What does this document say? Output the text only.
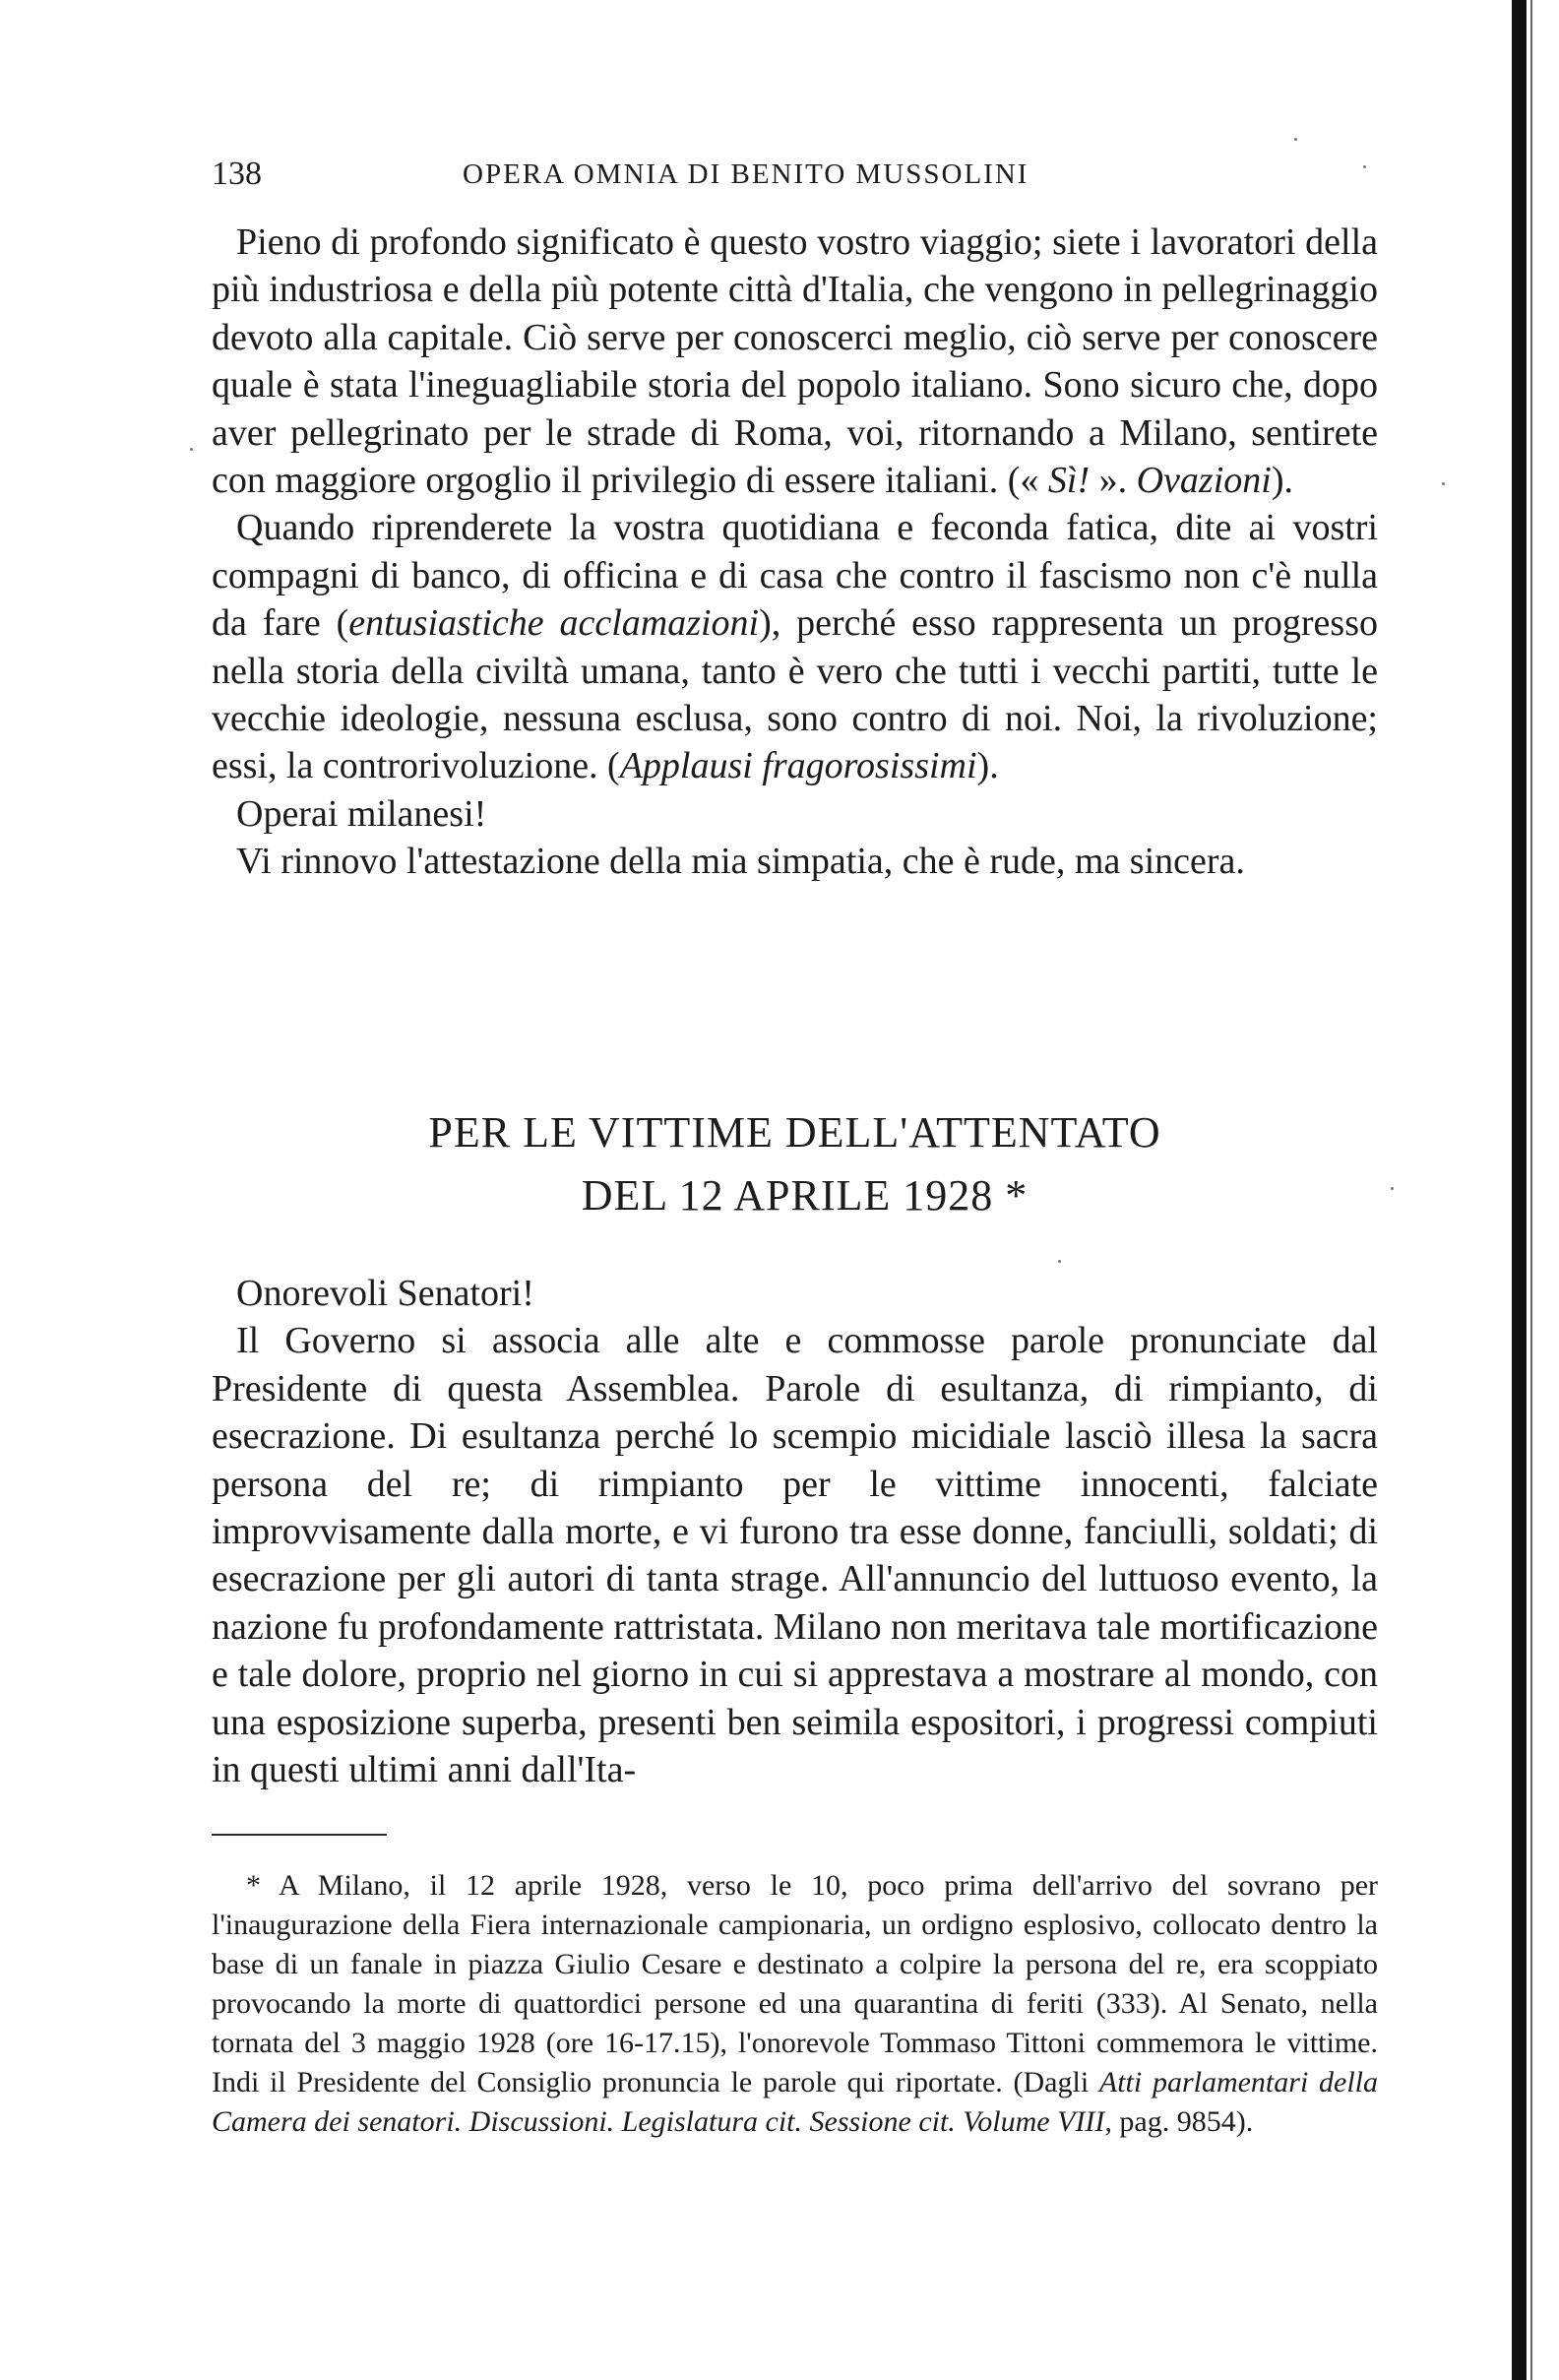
138	OPERA OMNIA DI BENITO MUSSOLINI

Pieno di profondo significato è questo vostro viaggio; siete i lavoratori della più industriosa e della più potente città d'Italia, che vengono in pellegrinaggio devoto alla capitale. Ciò serve per conoscerci meglio, ciò serve per conoscere quale è stata l'ineguagliabile storia del popolo italiano. Sono sicuro che, dopo aver pellegrinato per le strade di Roma, voi, ritornando a Milano, sentirete con maggiore orgoglio il privilegio di essere italiani. (« Sì! ». Ovazioni).

Quando riprenderete la vostra quotidiana e feconda fatica, dite ai vostri compagni di banco, di officina e di casa che contro il fascismo non c'è nulla da fare (entusiastiche acclamazioni), perché esso rappresenta un progresso nella storia della civiltà umana, tanto è vero che tutti i vecchi partiti, tutte le vecchie ideologie, nessuna esclusa, sono contro di noi. Noi, la rivoluzione; essi, la controrivoluzione. (Applausi fragorosissimi).

Operai milanesi!

Vi rinnovo l'attestazione della mia simpatia, che è rude, ma sincera.

PER LE VITTIME DELL'ATTENTATO
DEL 12 APRILE 1928 *

Onorevoli Senatori!

Il Governo si associa alle alte e commosse parole pronunciate dal Presidente di questa Assemblea. Parole di esultanza, di rimpianto, di esecrazione. Di esultanza perché lo scempio micidiale lasciò illesa la sacra persona del re; di rimpianto per le vittime innocenti, falciate improvvisamente dalla morte, e vi furono tra esse donne, fanciulli, soldati; di esecrazione per gli autori di tanta strage. All'annuncio del luttuoso evento, la nazione fu profondamente rattristata. Milano non meritava tale mortificazione e tale dolore, proprio nel giorno in cui si apprestava a mostrare al mondo, con una esposizione superba, presenti ben seimila espositori, i progressi compiuti in questi ultimi anni dall'Ita-

* A Milano, il 12 aprile 1928, verso le 10, poco prima dell'arrivo del sovrano per l'inaugurazione della Fiera internazionale campionaria, un ordigno esplosivo, collocato dentro la base di un fanale in piazza Giulio Cesare e destinato a colpire la persona del re, era scoppiato provocando la morte di quattordici persone ed una quarantina di feriti (333). Al Senato, nella tornata del 3 maggio 1928 (ore 16-17.15), l'onorevole Tommaso Tittoni commemora le vittime. Indi il Presidente del Consiglio pronuncia le parole qui riportate. (Dagli Atti parlamentari della Camera dei senatori. Discussioni. Legislatura cit. Sessione cit. Volume VIII, pag. 9854).
